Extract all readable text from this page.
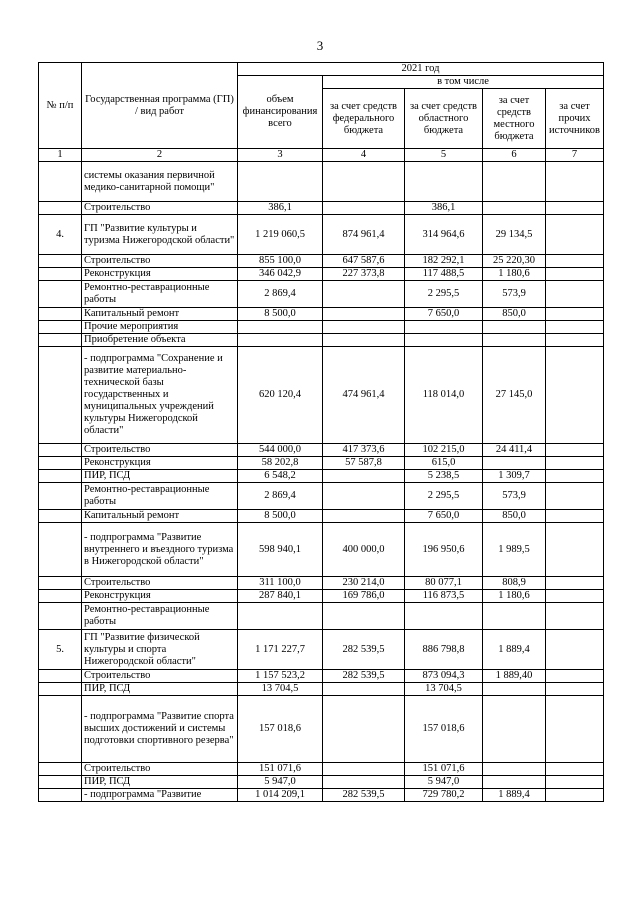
3
№ п/п	Государственная программа (ГП) / вид работ	2021 год				
		объем финансирования всего	в том числе			
			за счет средств федерального бюджета	за счет средств областного бюджета	за счет средств местного бюджета	за счет прочих источников
1	2	3	4	5	6	7
	системы оказания первичной медико-санитарной помощи"					
	Строительство	386,1		386,1		
4.	ГП "Развитие культуры и туризма Нижегородской области"	1 219 060,5	874 961,4	314 964,6	29 134,5	
	Строительство	855 100,0	647 587,6	182 292,1	25 220,30	
	Реконструкция	346 042,9	227 373,8	117 488,5	1 180,6	
	Ремонтно-реставрационные работы	2 869,4		2 295,5	573,9	
	Капитальный ремонт	8 500,0		7 650,0	850,0	
	Прочие мероприятия					
	Приобретение объекта					
	- подпрограмма "Сохранение и развитие материально-технической базы государственных и муниципальных учреждений культуры Нижегородской области"	620 120,4	474 961,4	118 014,0	27 145,0	
	Строительство	544 000,0	417 373,6	102 215,0	24 411,4	
	Реконструкция	58 202,8	57 587,8	615,0		
	ПИР, ПСД	6 548,2		5 238,5	1 309,7	
	Ремонтно-реставрационные работы	2 869,4		2 295,5	573,9	
	Капитальный ремонт	8 500,0		7 650,0	850,0	
	- подпрограмма "Развитие внутреннего и въездного туризма в Нижегородской области"	598 940,1	400 000,0	196 950,6	1 989,5	
	Строительство	311 100,0	230 214,0	80 077,1	808,9	
	Реконструкция	287 840,1	169 786,0	116 873,5	1 180,6	
	Ремонтно-реставрационные работы					
5.	ГП "Развитие физической культуры и спорта Нижегородской области"	1 171 227,7	282 539,5	886 798,8	1 889,4	
	Строительство	1 157 523,2	282 539,5	873 094,3	1 889,40	
	ПИР, ПСД	13 704,5		13 704,5		
	- подпрограмма "Развитие спорта высших достижений и системы подготовки спортивного резерва"	157 018,6		157 018,6		
	Строительство	151 071,6		151 071,6		
	ПИР, ПСД	5 947,0		5 947,0		
	- подпрограмма "Развитие	1 014 209,1	282 539,5	729 780,2	1 889,4	
